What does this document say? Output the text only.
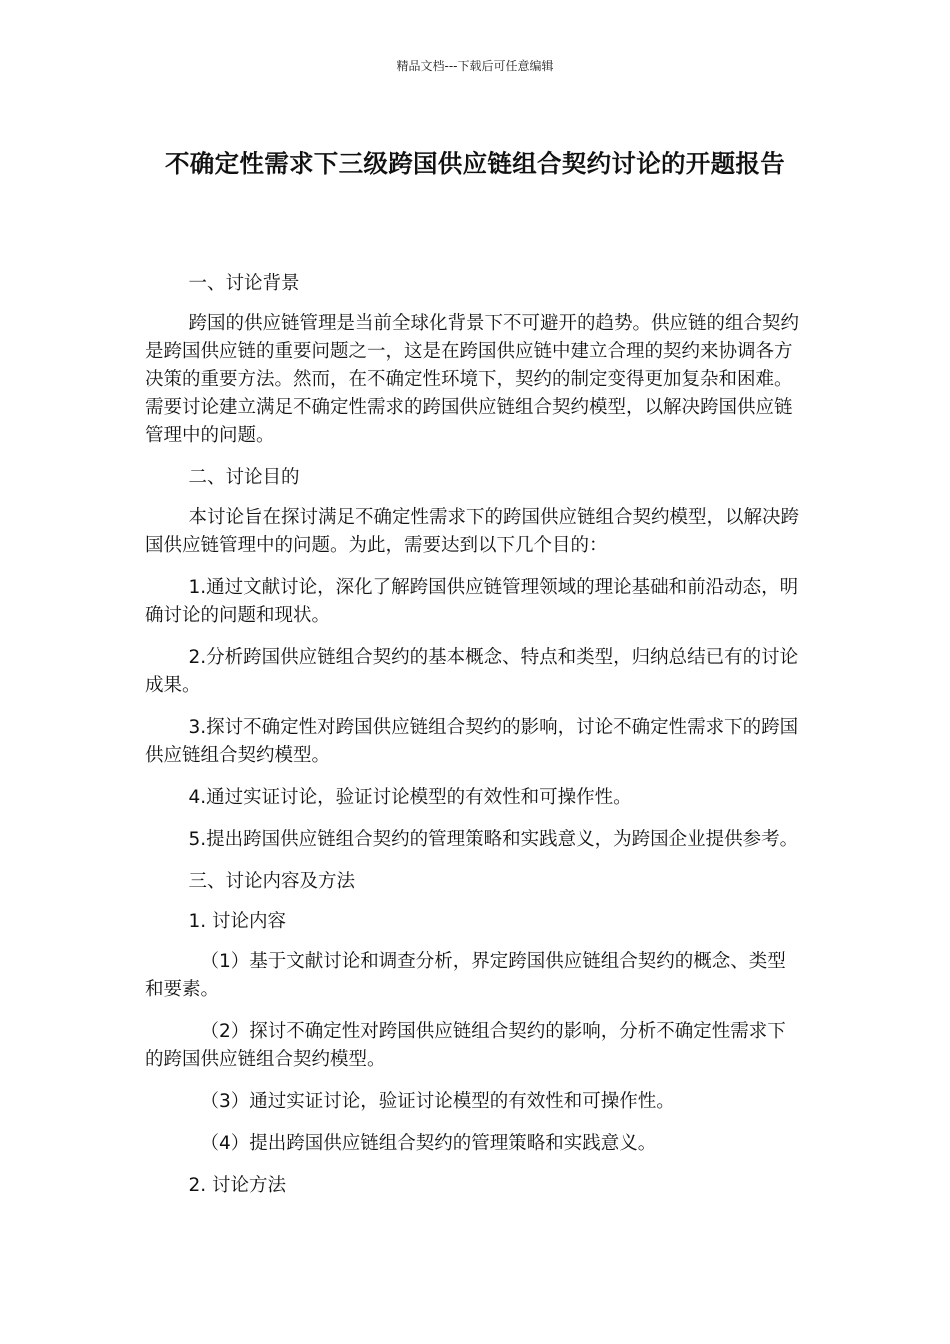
精品文档---下载后可任意编辑
不确定性需求下三级跨国供应链组合契约讨论的开题报告

一、讨论背景

跨国的供应链管理是当前全球化背景下不可避开的趋势。供应链的组合契约是跨国供应链的重要问题之一，这是在跨国供应链中建立合理的契约来协调各方决策的重要方法。然而，在不确定性环境下，契约的制定变得更加复杂和困难。需要讨论建立满足不确定性需求的跨国供应链组合契约模型，以解决跨国供应链管理中的问题。

二、讨论目的

本讨论旨在探讨满足不确定性需求下的跨国供应链组合契约模型，以解决跨国供应链管理中的问题。为此，需要达到以下几个目的：

1.通过文献讨论，深化了解跨国供应链管理领域的理论基础和前沿动态，明确讨论的问题和现状。

2.分析跨国供应链组合契约的基本概念、特点和类型，归纳总结已有的讨论成果。

3.探讨不确定性对跨国供应链组合契约的影响，讨论不确定性需求下的跨国供应链组合契约模型。

4.通过实证讨论，验证讨论模型的有效性和可操作性。

5.提出跨国供应链组合契约的管理策略和实践意义，为跨国企业提供参考。

三、讨论内容及方法

1. 讨论内容

（1）基于文献讨论和调查分析，界定跨国供应链组合契约的概念、类型和要素。

（2）探讨不确定性对跨国供应链组合契约的影响，分析不确定性需求下的跨国供应链组合契约模型。

（3）通过实证讨论，验证讨论模型的有效性和可操作性。

（4）提出跨国供应链组合契约的管理策略和实践意义。

2. 讨论方法
